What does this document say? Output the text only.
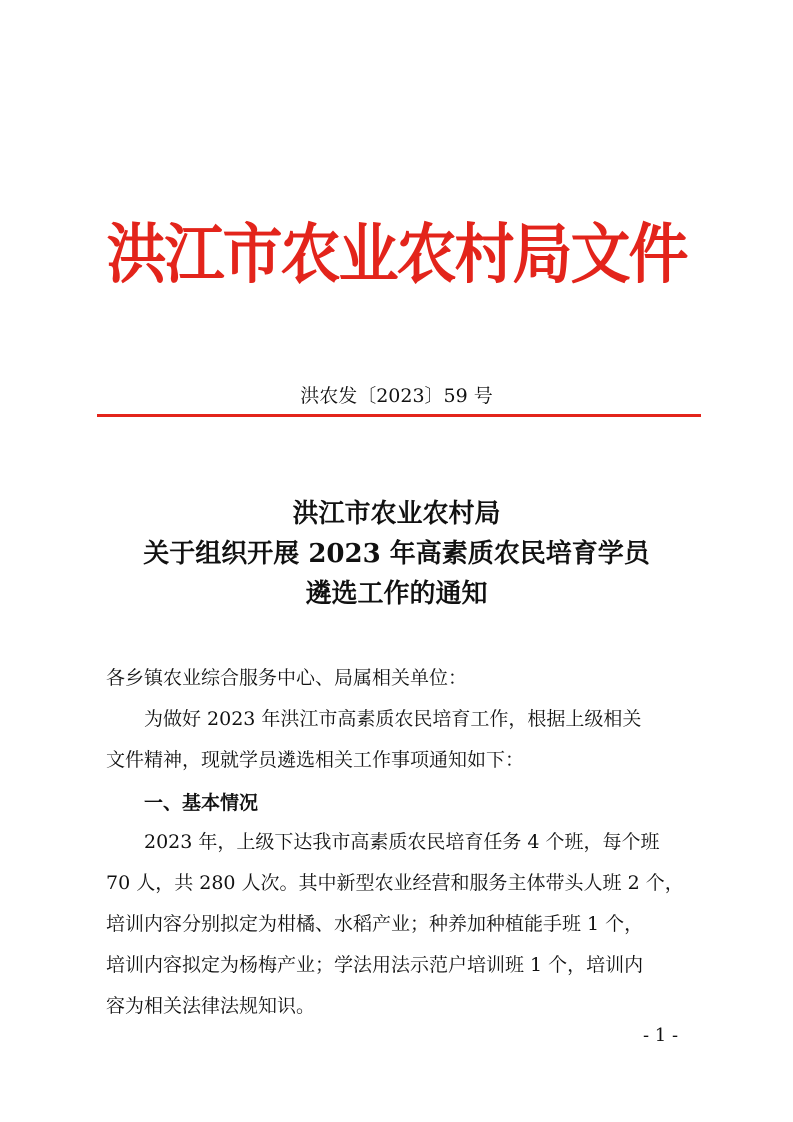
洪江市农业农村局文件
洪农发〔2023〕59 号
洪江市农业农村局
关于组织开展 2023 年高素质农民培育学员
遴选工作的通知
各乡镇农业综合服务中心、局属相关单位：
为做好 2023 年洪江市高素质农民培育工作，根据上级相关
文件精神，现就学员遴选相关工作事项通知如下：
一、基本情况
2023 年，上级下达我市高素质农民培育任务 4 个班，每个班
70 人，共 280 人次。其中新型农业经营和服务主体带头人班 2 个，
培训内容分别拟定为柑橘、水稻产业；种养加种植能手班 1 个，
培训内容拟定为杨梅产业；学法用法示范户培训班 1 个，培训内
容为相关法律法规知识。
- 1 -
